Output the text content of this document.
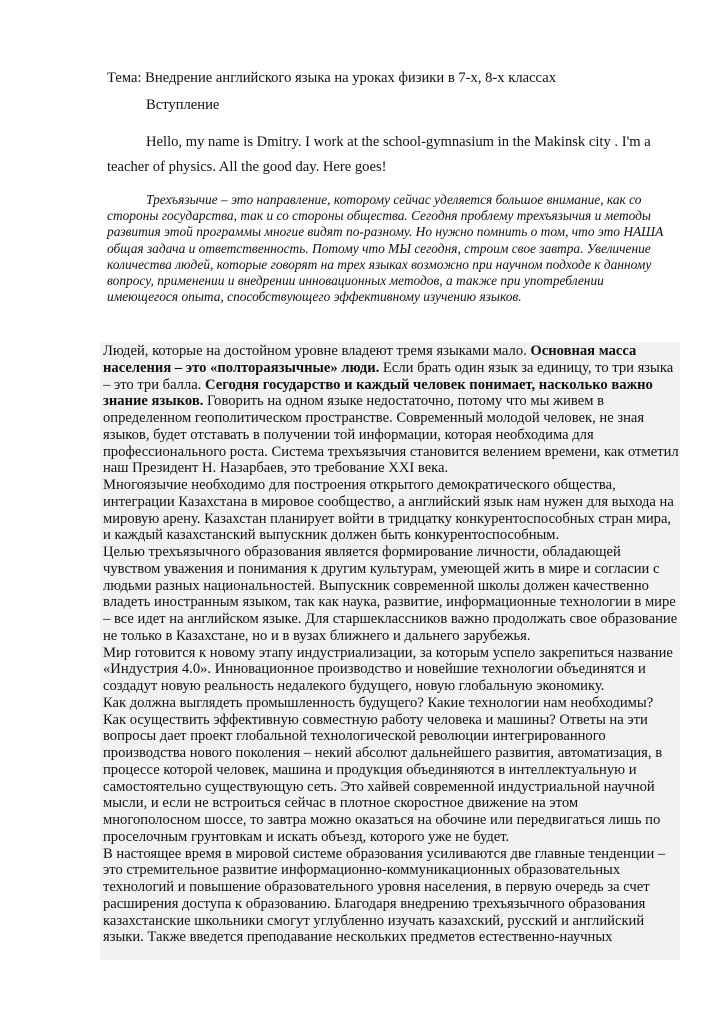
Тема: Внедрение английского языка на уроках физики в 7-х, 8-х классах
Вступление

Hello, my name is Dmitry. I work at the school-gymnasium in the Makinsk city . I'm a teacher of physics. All the good day. Here goes!

Трехъязычие – это направление, которому сейчас уделяется большое внимание, как со стороны государства, так и со стороны общества. Сегодня проблему трехъязычия и методы развития этой программы многие видят по-разному. Но нужно помнить о том, что это НАША общая задача и ответственность. Потому что МЫ сегодня, строим свое завтра. Увеличение количества людей, которые говорят на трех языках возможно при научном подходе к данному вопросу, применении и внедрении инновационных методов, а также при употреблении имеющегося опыта, способствующего эффективному изучению языков.

Людей, которые на достойном уровне владеют тремя языками мало. Основная масса населения – это «полтораязычные» люди. Если брать один язык за единицу, то три языка – это три балла. Сегодня государство и каждый человек понимает, насколько важно знание языков. Говорить на одном языке недостаточно, потому что мы живем в определенном геополитическом пространстве. Современный молодой человек, не зная языков, будет отставать в получении той информации, которая необходима для профессионального роста. Система трехъязычия становится велением времени, как отметил наш Президент Н. Назарбаев, это требование XXI века.

Многоязычие необходимо для построения открытого демократического общества, интеграции Казахстана в мировое сообщество, а английский язык нам нужен для выхода на мировую арену. Казахстан планирует войти в тридцатку конкурентоспособных стран мира, и каждый казахстанский выпускник должен быть конкурентоспособным.

Целью трехъязычного образования является формирование личности, обладающей чувством уважения и понимания к другим культурам, умеющей жить в мире и согласии с людьми разных национальностей. Выпускник современной школы должен качественно владеть иностранным языком, так как наука, развитие, информационные технологии в мире – все идет на английском языке. Для старшеклассников важно продолжать свое образование не только в Казахстане, но и в вузах ближнего и дальнего зарубежья.

Мир готовится к новому этапу индустриализации, за которым успело закрепиться название «Индустрия 4.0». Инновационное производство и новейшие технологии объединятся и создадут новую реальность недалекого будущего, новую глобальную экономику.

Как должна выглядеть промышленность будущего? Какие технологии нам необходимы? Как осуществить эффективную совместную работу человека и машины? Ответы на эти вопросы дает проект глобальной технологической революции интегрированного производства нового поколения – некий абсолют дальнейшего развития, автоматизация, в процессе которой человек, машина и продукция объединяются в интеллектуальную и самостоятельно существующую сеть. Это хайвей современной индустриальной научной мысли, и если не встроиться сейчас в плотное скоростное движение на этом многополосном шоссе, то завтра можно оказаться на обочине или передвигаться лишь по проселочным грунтовкам и искать объезд, которого уже не будет.

В настоящее время в мировой системе образования усиливаются две главные тенденции – это стремительное развитие информационно-коммуникационных образовательных технологий и повышение образовательного уровня населения, в первую очередь за счет расширения доступа к образованию. Благодаря внедрению трехъязычного образования казахстанские школьники смогут углубленно изучать казахский, русский и английский языки. Также введется преподавание нескольких предметов естественно-научных
